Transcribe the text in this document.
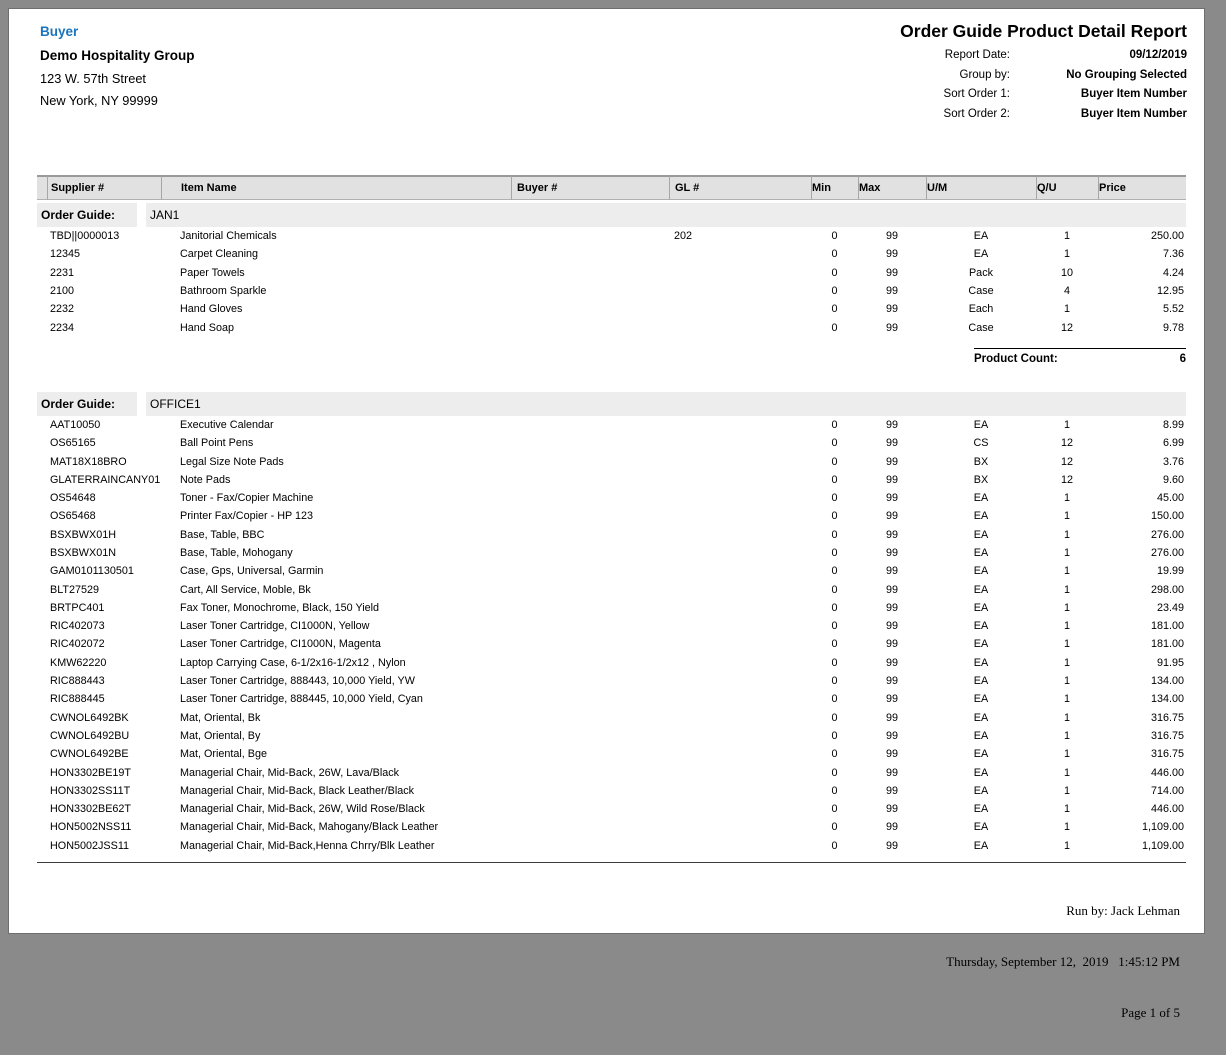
Buyer
Demo Hospitality Group
123 W. 57th Street
New York, NY 99999
Order Guide Product Detail Report
Report Date:	09/12/2019
Group by:	No Grouping Selected
Sort Order 1:	Buyer Item Number
Sort Order 2:	Buyer Item Number
	Supplier #	Item Name	Buyer #	GL #	Min	Max	U/M	Q/U	Price

Order Guide: JAN1									

	TBD||0000013	Janitorial Chemicals		202	0	99	EA	1	250.00
	12345	Carpet Cleaning			0	99	EA	1	7.36
	2231	Paper Towels			0	99	Pack	10	4.24
	2100	Bathroom Sparkle			0	99	Case	4	12.95
	2232	Hand Gloves			0	99	Each	1	5.52
	2234	Hand Soap			0	99	Case	12	9.78

Product Count: 6									

Order Guide: OFFICE1									

	AAT10050	Executive Calendar			0	99	EA	1	8.99
	OS65165	Ball Point Pens			0	99	CS	12	6.99
	MAT18X18BRO	Legal Size Note Pads			0	99	BX	12	3.76
	GLATERRAINCANY01	Note Pads			0	99	BX	12	9.60
	OS54648	Toner - Fax/Copier Machine			0	99	EA	1	45.00
	OS65468	Printer Fax/Copier - HP 123			0	99	EA	1	150.00
	BSXBWX01H	Base, Table, BBC			0	99	EA	1	276.00
	BSXBWX01N	Base, Table, Mohogany			0	99	EA	1	276.00
	GAM0101130501	Case, Gps, Universal, Garmin			0	99	EA	1	19.99
	BLT27529	Cart, All Service, Moble, Bk			0	99	EA	1	298.00
	BRTPC401	Fax Toner, Monochrome, Black, 150 Yield			0	99	EA	1	23.49
	RIC402073	Laser Toner Cartridge, CI1000N, Yellow			0	99	EA	1	181.00
	RIC402072	Laser Toner Cartridge, CI1000N, Magenta			0	99	EA	1	181.00
	KMW62220	Laptop Carrying Case, 6-1/2x16-1/2x12 , Nylon			0	99	EA	1	91.95
	RIC888443	Laser Toner Cartridge, 888443, 10,000 Yield, YW			0	99	EA	1	134.00
	RIC888445	Laser Toner Cartridge, 888445, 10,000 Yield, Cyan			0	99	EA	1	134.00
	CWNOL6492BK	Mat, Oriental, Bk			0	99	EA	1	316.75
	CWNOL6492BU	Mat, Oriental, By			0	99	EA	1	316.75
	CWNOL6492BE	Mat, Oriental, Bge			0	99	EA	1	316.75
	HON3302BE19T	Managerial Chair, Mid-Back, 26W, Lava/Black			0	99	EA	1	446.00
	HON3302SS11T	Managerial Chair, Mid-Back, Black Leather/Black			0	99	EA	1	714.00
	HON3302BE62T	Managerial Chair, Mid-Back, 26W, Wild Rose/Black			0	99	EA	1	446.00
	HON5002NSS11	Managerial Chair, Mid-Back, Mahogany/Black Leather			0	99	EA	1	1,109.00
	HON5002JSS11	Managerial Chair, Mid-Back,Henna Chrry/Blk Leather			0	99	EA	1	1,109.00

Run by: Jack Lehman

Thursday, September 12,  2019   1:45:12 PM

Page 1 of 5
